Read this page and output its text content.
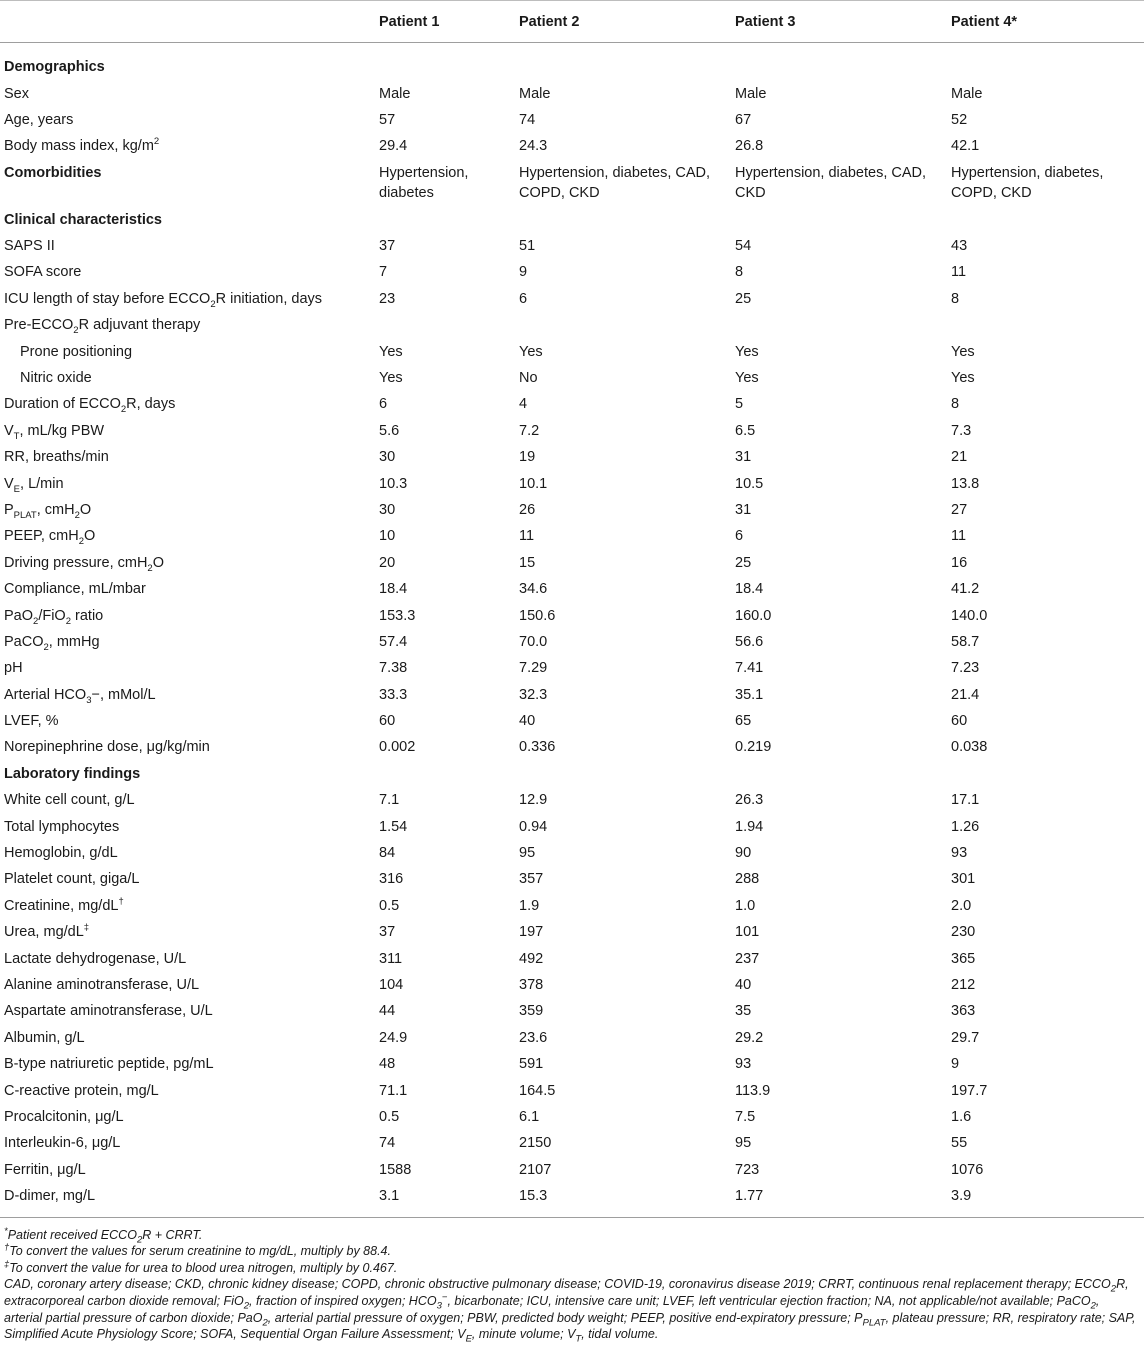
	Patient 1	Patient 2	Patient 3	Patient 4*
Demographics				
Sex	Male	Male	Male	Male
Age, years	57	74	67	52
Body mass index, $kg/m^2$	29.4	24.3	26.8	42.1
Comorbidities	Hypertension, diabetes	Hypertension, diabetes, CAD, COPD, CKD	Hypertension, diabetes, CAD, CKD	Hypertension, diabetes, COPD, CKD
Clinical characteristics				
SAPS II	37	51	54	43
SOFA score	7	9	8	11
ICU length of stay before $ECCO_2R$ initiation, days	23	6	25	8
Pre-$ECCO_2R$ adjuvant therapy				
Prone positioning	Yes	Yes	Yes	Yes
Nitric oxide	Yes	No	Yes	Yes
Duration of $ECCO_2R$, days	6	4	5	8
$V_T$, mL/kg PBW	5.6	7.2	6.5	7.3
RR, breaths/min	30	19	31	21
$V_E$, L/min	10.3	10.1	10.5	13.8
$P_{PLAT}$, cmH$_2$O	30	26	31	27
PEEP, cmH$_2$O	10	11	6	11
Driving pressure, cmH$_2$O	20	15	25	16
Compliance, mL/mbar	18.4	34.6	18.4	41.2
PaO$_2$/FiO$_2$ ratio	153.3	150.6	160.0	140.0
PaCO$_2$, mmHg	57.4	70.0	56.6	58.7
pH	7.38	7.29	7.41	7.23
Arterial $HCO_3-$, mMol/L	33.3	32.3	35.1	21.4
LVEF, %	60	40	65	60
Norepinephrine dose, μg/kg/min	0.002	0.336	0.219	0.038
Laboratory findings				
White cell count, g/L	7.1	12.9	26.3	17.1
Total lymphocytes	1.54	0.94	1.94	1.26
Hemoglobin, g/dL	84	95	90	93
Platelet count, giga/L	316	357	288	301
Creatinine, mg/dL†	0.5	1.9	1.0	2.0
Urea, mg/dL‡	37	197	101	230
Lactate dehydrogenase, U/L	311	492	237	365
Alanine aminotransferase, U/L	104	378	40	212
Aspartate aminotransferase, U/L	44	359	35	363
Albumin, g/L	24.9	23.6	29.2	29.7
B-type natriuretic peptide, pg/mL	48	591	93	9
C-reactive protein, mg/L	71.1	164.5	113.9	197.7
Procalcitonin, μg/L	0.5	6.1	7.5	1.6
Interleukin-6, μg/L	74	2150	95	55
Ferritin, μg/L	1588	2107	723	1076
D-dimer, mg/L	3.1	15.3	1.77	3.9
*Patient received $ECCO_2R$ + CRRT.
†To convert the values for serum creatinine to mg/dL, multiply by 88.4.
‡To convert the value for urea to blood urea nitrogen, multiply by 0.467.
CAD, coronary artery disease; CKD, chronic kidney disease; COPD, chronic obstructive pulmonary disease; COVID-19, coronavirus disease 2019; CRRT, continuous renal replacement therapy; $ECCO_2R$, extracorporeal carbon dioxide removal; FiO$_2$, fraction of inspired oxygen; $HCO_3^-$, bicarbonate; ICU, intensive care unit; LVEF, left ventricular ejection fraction; NA, not applicable/not available; PaCO$_2$, arterial partial pressure of carbon dioxide; PaO$_2$, arterial partial pressure of oxygen; PBW, predicted body weight; PEEP, positive end-expiratory pressure; $P_{PLAT}$, plateau pressure; RR, respiratory rate; SAP, Simplified Acute Physiology Score; SOFA, Sequential Organ Failure Assessment; $V_E$, minute volume; $V_T$, tidal volume.
